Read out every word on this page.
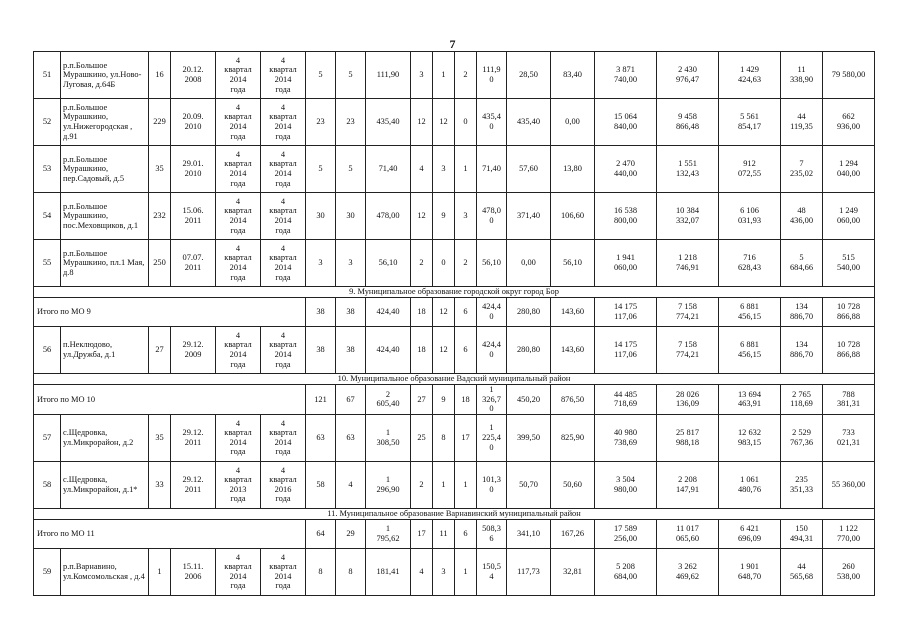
7
51	р.п.Большое Мурашкино, ул.Ново-Луговая, д.64Б	16	20.12.
2008	4
квартал
2014
года	4
квартал
2014
года	5	5	111,90	3	1	2	111,9
0	28,50	83,40	3 871
740,00	2 430
976,47	1 429
424,63	11
338,90	79 580,00
52	р.п.Большое Мурашкино, ул.Нижегородская , д.91	229	20.09.
2010	4
квартал
2014
года	4
квартал
2014
года	23	23	435,40	12	12	0	435,4
0	435,40	0,00	15 064
840,00	9 458
866,48	5 561
854,17	44
119,35	662
936,00
53	р.п.Большое Мурашкино, пер.Садовый, д.5	35	29.01.
2010	4
квартал
2014
года	4
квартал
2014
года	5	5	71,40	4	3	1	71,40	57,60	13,80	2 470
440,00	1 551
132,43	912
072,55	7
235,02	1 294
040,00
54	р.п.Большое Мурашкино, пос.Меховщиков, д.1	232	15.06.
2011	4
квартал
2014
года	4
квартал
2014
года	30	30	478,00	12	9	3	478,0
0	371,40	106,60	16 538
800,00	10 384
332,07	6 106
031,93	48
436,00	1 249
060,00
55	р.п.Большое Мурашкино, пл.1 Мая, д.8	250	07.07.
2011	4
квартал
2014
года	4
квартал
2014
года	3	3	56,10	2	0	2	56,10	0,00	56,10	1 941
060,00	1 218
746,91	716
628,43	5
684,66	515
540,00
9. Муниципальное образование городской округ город Бор																			
Итого по МО 9						38	38	424,40	18	12	6	424,4
0	280,80	143,60	14 175
117,06	7 158
774,21	6 881
456,15	134
886,70	10 728
866,88
56	п.Неклюдово, ул.Дружба, д.1	27	29.12.
2009	4
квартал
2014
года	4
квартал
2014
года	38	38	424,40	18	12	6	424,4
0	280,80	143,60	14 175
117,06	7 158
774,21	6 881
456,15	134
886,70	10 728
866,88
10. Муниципальное образование Вадский муниципальный район																			
Итого по МО 10						121	67	2
605,40	27	9	18	1
326,7
0	450,20	876,50	44 485
718,69	28 026
136,09	13 694
463,91	2 765
118,69	788
381,31
57	с.Щедровка, ул.Микрорайон, д.2	35	29.12.
2011	4
квартал
2014
года	4
квартал
2014
года	63	63	1
308,50	25	8	17	1
225,4
0	399,50	825,90	40 980
738,69	25 817
988,18	12 632
983,15	2 529
767,36	733
021,31
58	с.Щедровка, ул.Микрорайон, д.1*	33	29.12.
2011	4
квартал
2013
года	4
квартал
2016
года	58	4	1
296,90	2	1	1	101,3
0	50,70	50,60	3 504
980,00	2 208
147,91	1 061
480,76	235
351,33	55 360,00
11. Муниципальное образование Варнавинский муниципальный район																			
Итого по МО 11						64	29	1
795,62	17	11	6	508,3
6	341,10	167,26	17 589
256,00	11 017
065,60	6 421
696,09	150
494,31	1 122
770,00
59	р.п.Варнавино, ул.Комсомольская , д.4	1	15.11.
2006	4
квартал
2014
года	4
квартал
2014
года	8	8	181,41	4	3	1	150,5
4	117,73	32,81	5 208
684,00	3 262
469,62	1 901
648,70	44
565,68	260
538,00
